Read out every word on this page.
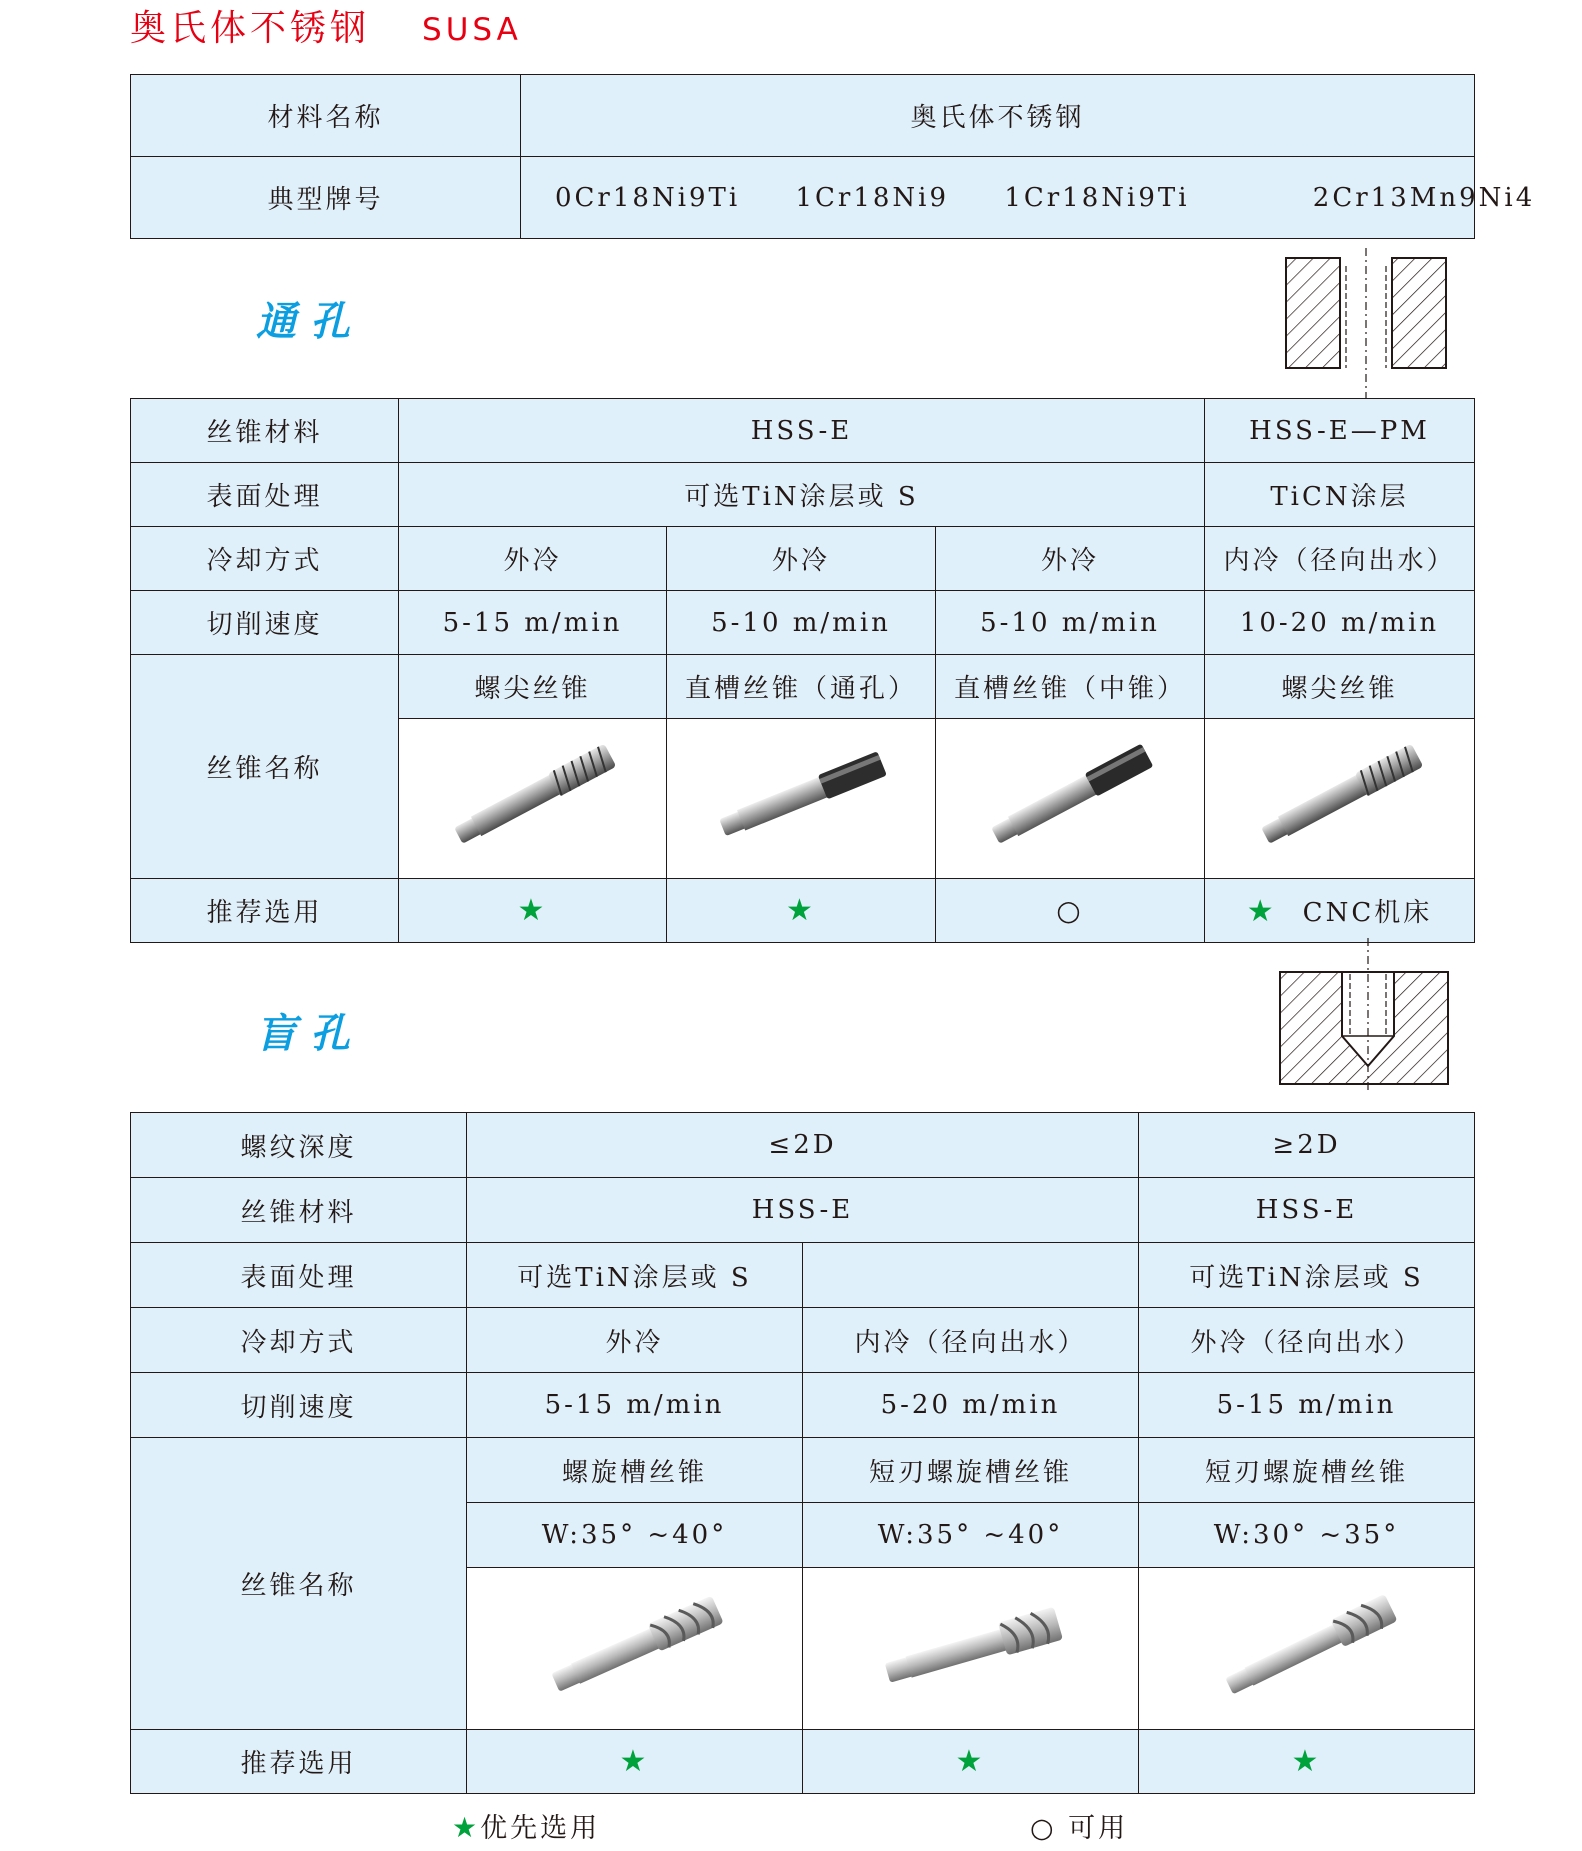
奥氏体不锈钢 SUSA
材料名称	奥氏体不锈钢
典型牌号	0Cr18Ni9Ti 1Cr18Ni9 1Cr18Ni9Ti 2Cr13Mn9Ni4
通孔
丝锥材料	HSS-E			HSS-E—PM
表面处理	可选TiN涂层或 S			TiCN涂层
冷却方式	外冷	外冷	外冷	内冷（径向出水）
切削速度	5-15 m/min	5-10 m/min	5-10 m/min	10-20 m/min
丝锥名称	螺尖丝锥	直槽丝锥（通孔）	直槽丝锥（中锥）	螺尖丝锥

推荐选用	★	★	○	★ CNC机床
盲孔
螺纹深度	≤2D		≥2D
丝锥材料	HSS-E		HSS-E
表面处理	可选TiN涂层或 S		可选TiN涂层或 S
冷却方式	外冷	内冷（径向出水）	外冷（径向出水）
切削速度	5-15 m/min	5-20 m/min	5-15 m/min
丝锥名称	螺旋槽丝锥	短刃螺旋槽丝锥	短刃螺旋槽丝锥
	W:35° ~40°	W:35° ~40°	W:30° ~35°

推荐选用	★	★	★
★优先选用	○ 可用
